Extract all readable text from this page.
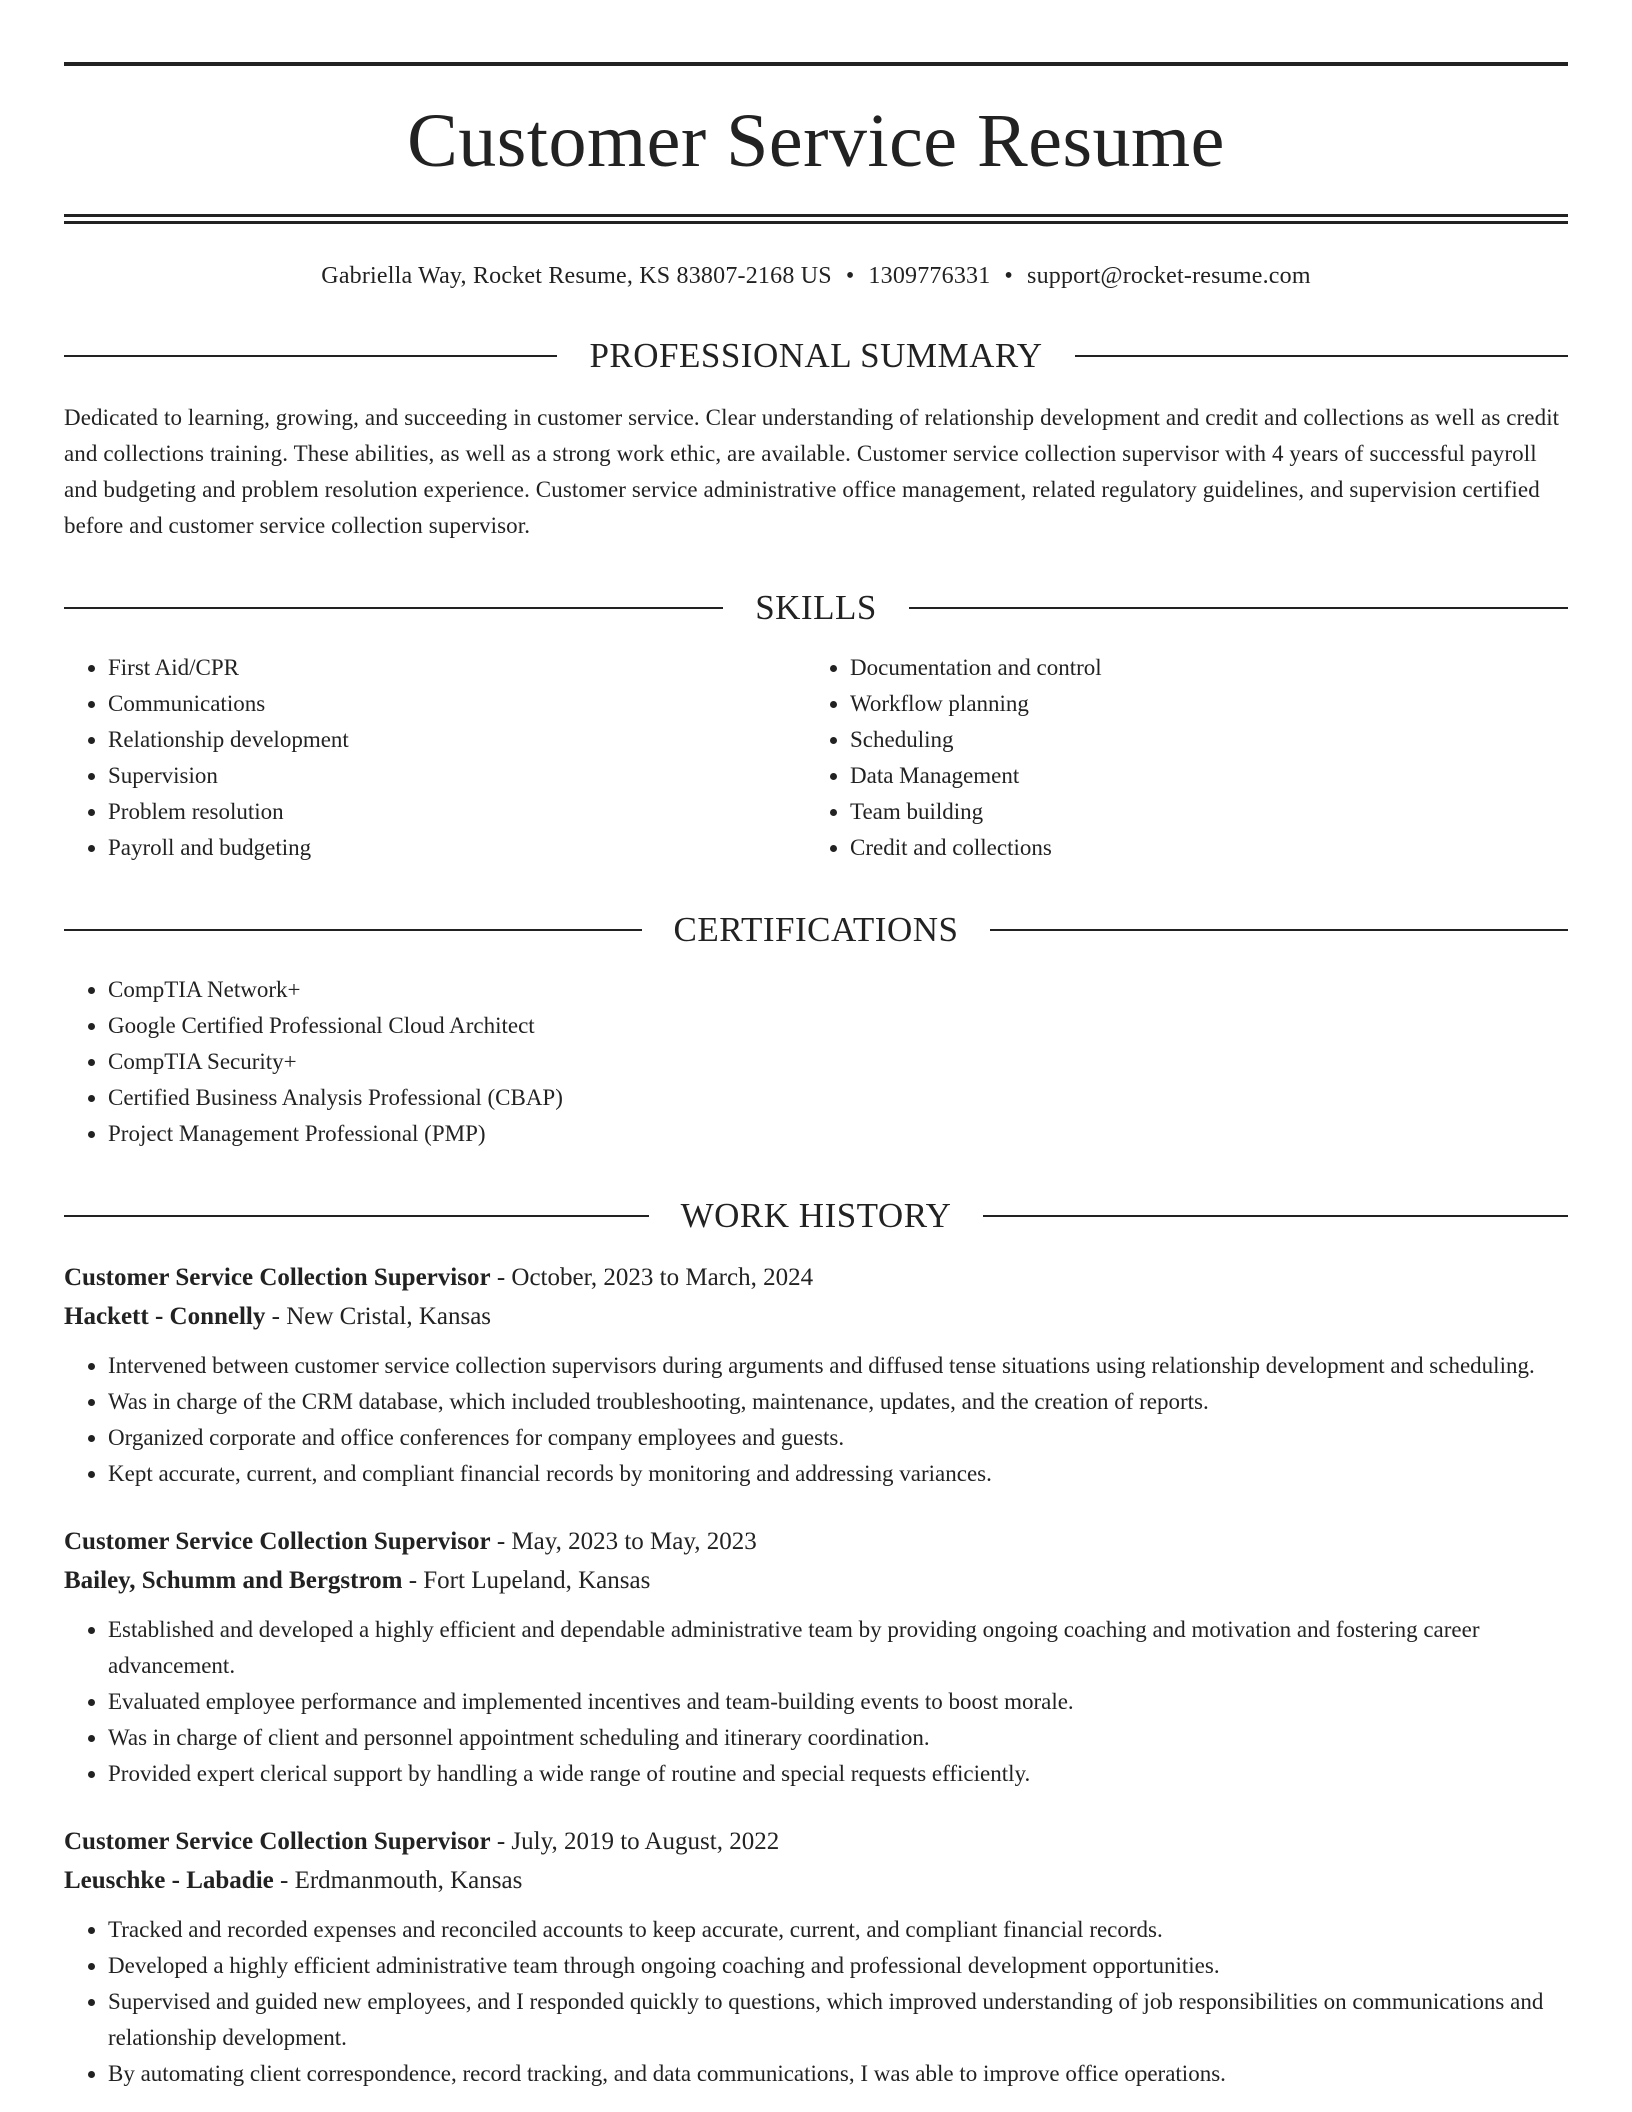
Customer Service Resume
Gabriella Way, Rocket Resume, KS 83807-2168 US • 1309776331 • support@rocket-resume.com
PROFESSIONAL SUMMARY

Dedicated to learning, growing, and succeeding in customer service. Clear understanding of relationship development and credit and collections as well as credit and collections training. These abilities, as well as a strong work ethic, are available. Customer service collection supervisor with 4 years of successful payroll and budgeting and problem resolution experience. Customer service administrative office management, related regulatory guidelines, and supervision certified before and customer service collection supervisor.

SKILLS
• First Aid/CPR
• Communications
• Relationship development
• Supervision
• Problem resolution
• Payroll and budgeting
• Documentation and control
• Workflow planning
• Scheduling
• Data Management
• Team building
• Credit and collections
CERTIFICATIONS
• CompTIA Network+
• Google Certified Professional Cloud Architect
• CompTIA Security+
• Certified Business Analysis Professional (CBAP)
• Project Management Professional (PMP)
WORK HISTORY
Customer Service Collection Supervisor - October, 2023 to March, 2024
Hackett - Connelly - New Cristal, Kansas
• Intervened between customer service collection supervisors during arguments and diffused tense situations using relationship development and scheduling.
• Was in charge of the CRM database, which included troubleshooting, maintenance, updates, and the creation of reports.
• Organized corporate and office conferences for company employees and guests.
• Kept accurate, current, and compliant financial records by monitoring and addressing variances.
Customer Service Collection Supervisor - May, 2023 to May, 2023
Bailey, Schumm and Bergstrom - Fort Lupeland, Kansas
• Established and developed a highly efficient and dependable administrative team by providing ongoing coaching and motivation and fostering career advancement.
• Evaluated employee performance and implemented incentives and team-building events to boost morale.
• Was in charge of client and personnel appointment scheduling and itinerary coordination.
• Provided expert clerical support by handling a wide range of routine and special requests efficiently.
Customer Service Collection Supervisor - July, 2019 to August, 2022
Leuschke - Labadie - Erdmanmouth, Kansas
• Tracked and recorded expenses and reconciled accounts to keep accurate, current, and compliant financial records.
• Developed a highly efficient administrative team through ongoing coaching and professional development opportunities.
• Supervised and guided new employees, and I responded quickly to questions, which improved understanding of job responsibilities on communications and relationship development.
• By automating client correspondence, record tracking, and data communications, I was able to improve office operations.
